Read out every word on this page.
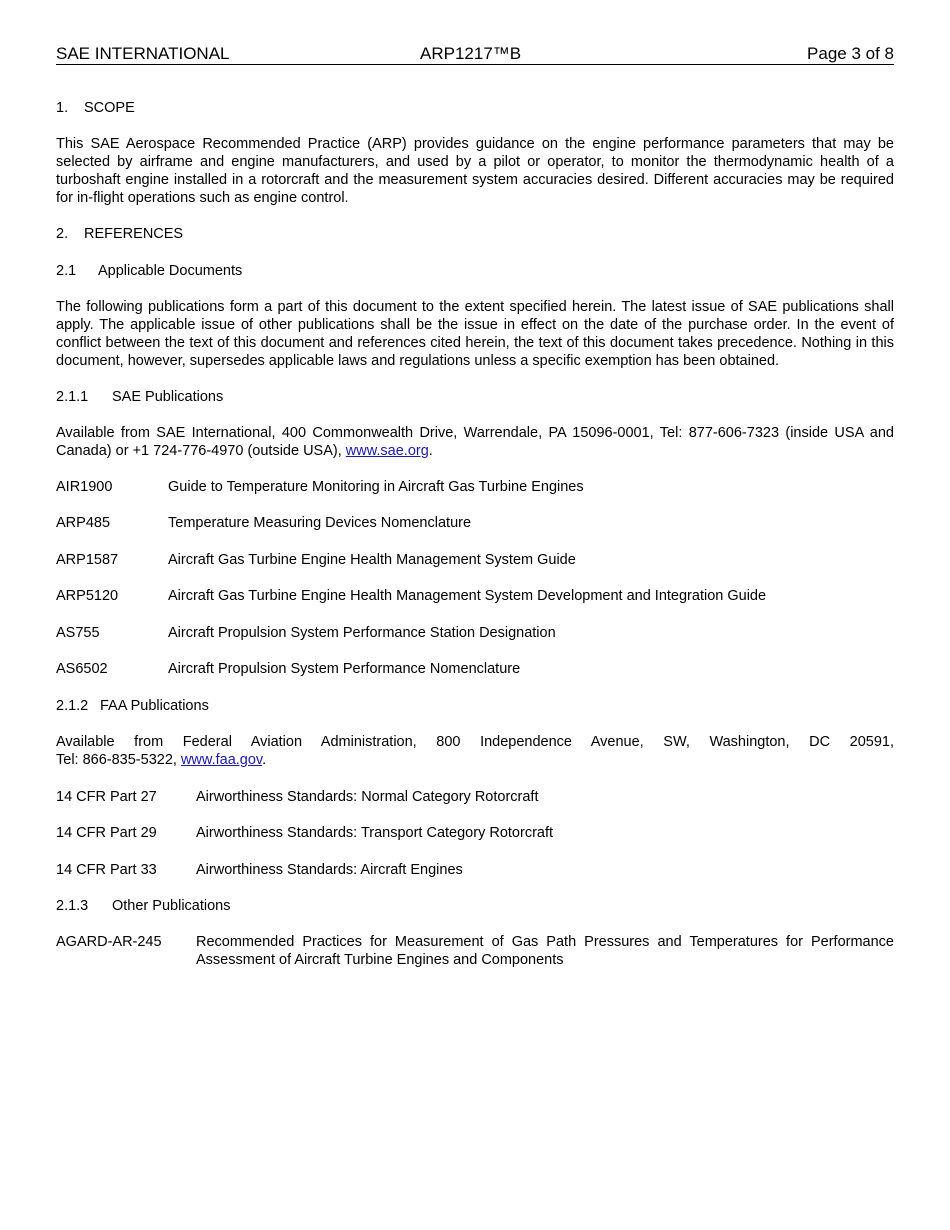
SAE INTERNATIONAL	ARP1217™B	Page 3 of 8
1. SCOPE

This SAE Aerospace Recommended Practice (ARP) provides guidance on the engine performance parameters that may be selected by airframe and engine manufacturers, and used by a pilot or operator, to monitor the thermodynamic health of a turboshaft engine installed in a rotorcraft and the measurement system accuracies desired. Different accuracies may be required for in-flight operations such as engine control.

2. REFERENCES
2.1 Applicable Documents

The following publications form a part of this document to the extent specified herein. The latest issue of SAE publications shall apply. The applicable issue of other publications shall be the issue in effect on the date of the purchase order. In the event of conflict between the text of this document and references cited herein, the text of this document takes precedence. Nothing in this document, however, supersedes applicable laws and regulations unless a specific exemption has been obtained.

2.1.1 SAE Publications

Available from SAE International, 400 Commonwealth Drive, Warrendale, PA 15096-0001, Tel: 877-606-7323 (inside USA and Canada) or +1 724-776-4970 (outside USA), www.sae.org.

AIR1900	Guide to Temperature Monitoring in Aircraft Gas Turbine Engines
ARP485	Temperature Measuring Devices Nomenclature
ARP1587	Aircraft Gas Turbine Engine Health Management System Guide
ARP5120	Aircraft Gas Turbine Engine Health Management System Development and Integration Guide
AS755	Aircraft Propulsion System Performance Station Designation
AS6502	Aircraft Propulsion System Performance Nomenclature
2.1.2 FAA Publications

Available from Federal Aviation Administration, 800 Independence Avenue, SW, Washington, DC 20591,

Tel: 866-835-5322, www.faa.gov.

14 CFR Part 27	Airworthiness Standards: Normal Category Rotorcraft
14 CFR Part 29	Airworthiness Standards: Transport Category Rotorcraft
14 CFR Part 33	Airworthiness Standards: Aircraft Engines
2.1.3 Other Publications
AGARD-AR-245	Recommended Practices for Measurement of Gas Path Pressures and Temperatures for Performance Assessment of Aircraft Turbine Engines and Components
